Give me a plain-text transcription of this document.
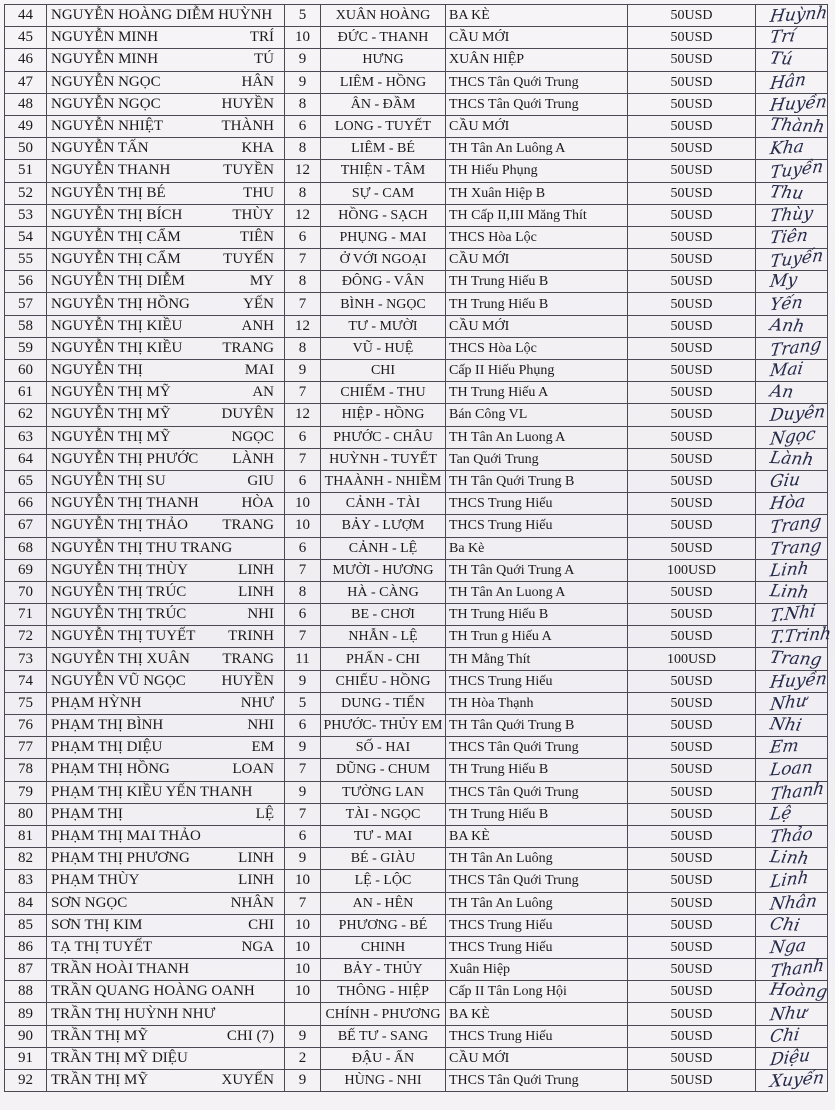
44	NGUYỄN HOÀNG DIỄM HUỲNH	5	XUÂN HOÀNG	BA KÈ	50USD	Huỳnh
45	NGUYỄN MINH TRÍ	10	ĐỨC - THANH	CẦU MỚI	50USD	Trí
46	NGUYỄN MINH TÚ	9	HƯNG	XUÂN HIỆP	50USD	Tú
47	NGUYỄN NGỌC HÂN	9	LIÊM - HỒNG	THCS Tân Quới Trung	50USD	Hân
48	NGUYỄN NGỌC HUYỀN	8	ÂN - ĐẦM	THCS Tân Quới Trung	50USD	Huyền
49	NGUYỄN NHIỆT THÀNH	6	LONG - TUYẾT	CẦU MỚI	50USD	Thành
50	NGUYỄN TẤN KHA	8	LIÊM - BÉ	TH Tân An Luông A	50USD	Kha
51	NGUYỄN THANH TUYỀN	12	THIỆN - TÂM	TH Hiếu Phụng	50USD	Tuyền
52	NGUYỄN THỊ BÉ THU	8	SỰ - CAM	TH Xuân Hiệp B	50USD	Thu
53	NGUYỄN THỊ BÍCH THÙY	12	HỒNG - SẠCH	TH Cấp II,III Măng Thít	50USD	Thùy
54	NGUYỄN THỊ CẨM TIÊN	6	PHỤNG - MAI	THCS Hòa Lộc	50USD	Tiên
55	NGUYỄN THỊ CẨM TUYẾN	7	Ở VỚI NGOẠI	CẦU MỚI	50USD	Tuyến
56	NGUYỄN THỊ DIỄM MY	8	ĐÔNG - VÂN	TH Trung Hiếu B	50USD	My
57	NGUYỄN THỊ HỒNG YẾN	7	BÌNH - NGỌC	TH Trung Hiếu B	50USD	Yến
58	NGUYỄN THỊ KIỀU ANH	12	TƯ - MƯỜI	CẦU MỚI	50USD	Anh
59	NGUYỄN THỊ KIỀU TRANG	8	VŨ - HUỆ	THCS Hòa Lộc	50USD	Trang
60	NGUYỄN THỊ MAI	9	CHI	Cấp II Hiếu Phụng	50USD	Mai
61	NGUYỄN THỊ MỸ AN	7	CHIẾM - THU	TH Trung Hiếu A	50USD	An
62	NGUYỄN THỊ MỸ DUYÊN	12	HIỆP - HỒNG	Bán Công VL	50USD	Duyên
63	NGUYỄN THỊ MỸ NGỌC	6	PHƯỚC - CHÂU	TH Tân An Luong A	50USD	Ngọc
64	NGUYỄN THỊ PHƯỚC LÀNH	7	HUỲNH - TUYẾT	Tan Quới Trung	50USD	Lành
65	NGUYỄN THỊ SU GIU	6	THAÀNH - NHIỀM	TH Tân Quới Trung B	50USD	Giu
66	NGUYỄN THỊ THANH HÒA	10	CẢNH - TÀI	THCS Trung Hiếu	50USD	Hòa
67	NGUYỄN THỊ THẢO TRANG	10	BẢY - LƯỢM	THCS Trung Hiếu	50USD	Trang
68	NGUYỄN THỊ THU TRANG	6	CẢNH - LỆ	Ba Kè	50USD	Trang
69	NGUYỄN THỊ THÙY LINH	7	MƯỜI - HƯƠNG	TH Tân Quới Trung A	100USD	Linh
70	NGUYỄN THỊ TRÚC LINH	8	HÀ - CÀNG	TH Tân An Luong A	50USD	Linh
71	NGUYỄN THỊ TRÚC NHI	6	BE - CHƠI	TH Trung Hiếu B	50USD	T.Nhi
72	NGUYỄN THỊ TUYẾT TRINH	7	NHẪN - LỆ	TH Trun g Hiếu A	50USD	T.Trinh
73	NGUYỄN THỊ XUÂN TRANG	11	PHẤN - CHI	TH Mằng Thít	100USD	Trang
74	NGUYỄN VŨ NGỌC HUYỀN	9	CHIẾU - HỒNG	THCS Trung Hiếu	50USD	Huyền
75	PHẠM HỲNH NHƯ	5	DUNG - TIẾN	TH Hòa Thạnh	50USD	Như
76	PHẠM THỊ BÌNH NHI	6	PHƯỚC- THỦY EM	TH Tân Quới Trung B	50USD	Nhi
77	PHẠM THỊ DIỆU EM	9	SỐ - HAI	THCS Tân Quới Trung	50USD	Em
78	PHẠM THỊ HỒNG LOAN	7	DŨNG - CHUM	TH Trung Hiếu B	50USD	Loan
79	PHẠM THỊ KIỀU YẾN THANH	9	TƯỜNG LAN	THCS Tân Quới Trung	50USD	Thanh
80	PHẠM THỊ LỆ	7	TÀI - NGỌC	TH Trung Hiếu B	50USD	Lệ
81	PHẠM THỊ MAI THẢO	6	TƯ - MAI	BA KÈ	50USD	Thảo
82	PHẠM THỊ PHƯƠNG LINH	9	BÉ - GIÀU	TH Tân An Luông	50USD	Linh
83	PHẠM THÙY LINH	10	LỆ - LỘC	THCS Tân Quới Trung	50USD	Linh
84	SƠN NGỌC NHÂN	7	AN - HÊN	TH Tân An Luông	50USD	Nhân
85	SƠN THỊ KIM CHI	10	PHƯƠNG - BÉ	THCS Trung Hiếu	50USD	Chi
86	TẠ THỊ TUYẾT NGA	10	CHINH	THCS Trung Hiếu	50USD	Nga
87	TRẦN HOÀI THANH	10	BẢY - THỦY	Xuân Hiệp	50USD	Thanh
88	TRẦN QUANG HOÀNG OANH	10	THÔNG - HIỆP	Cấp II Tân Long Hội	50USD	Hoàng
89	TRẦN THỊ HUỲNH NHƯ		CHÍNH - PHƯƠNG	BA KÈ	50USD	Như
90	TRẦN THỊ MỸ CHI (7)	9	BẾ TƯ - SANG	THCS Trung Hiếu	50USD	Chi
91	TRẦN THỊ MỸ DIỆU	2	ĐẬU - ẤN	CẦU MỚI	50USD	Diệu
92	TRẦN THỊ MỸ XUYẾN	9	HÙNG - NHI	THCS Tân Quới Trung	50USD	Xuyến
